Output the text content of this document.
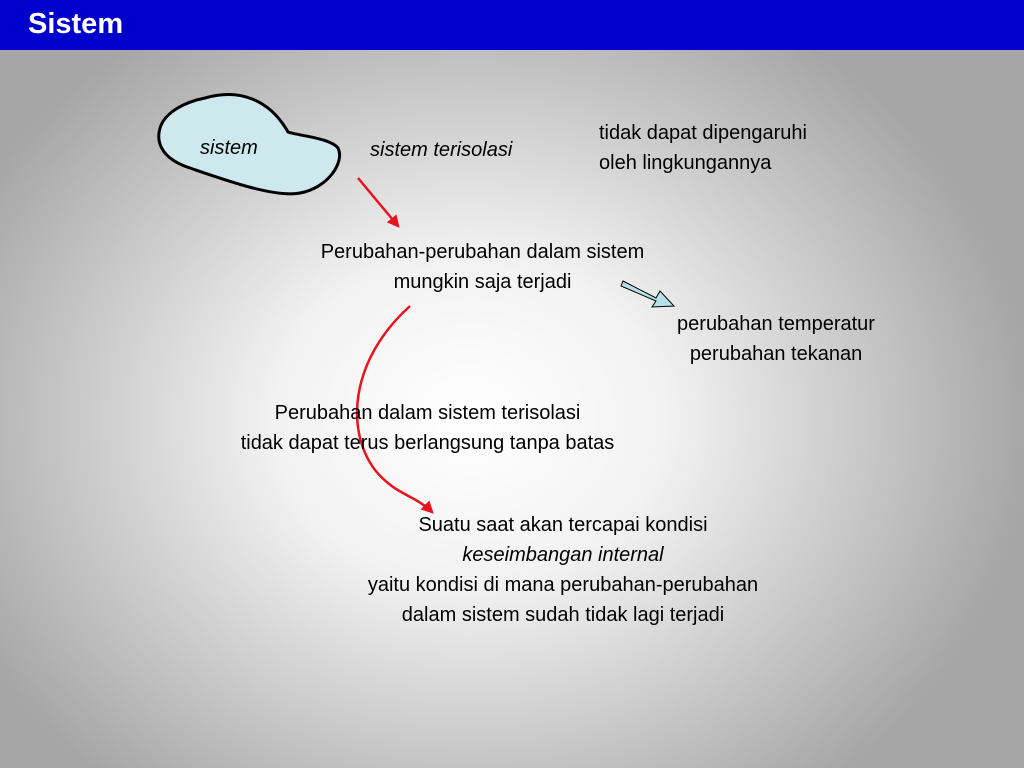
Sistem
sistem	sistem terisolasi
tidak dapat dipengaruhi
oleh lingkungannya
Perubahan-perubahan dalam sistem
mungkin saja terjadi
perubahan temperatur
perubahan tekanan
Perubahan dalam sistem terisolasi
tidak dapat terus berlangsung tanpa batas
Suatu saat akan tercapai kondisi
keseimbangan internal
yaitu kondisi di mana perubahan-perubahan
dalam sistem sudah tidak lagi terjadi
